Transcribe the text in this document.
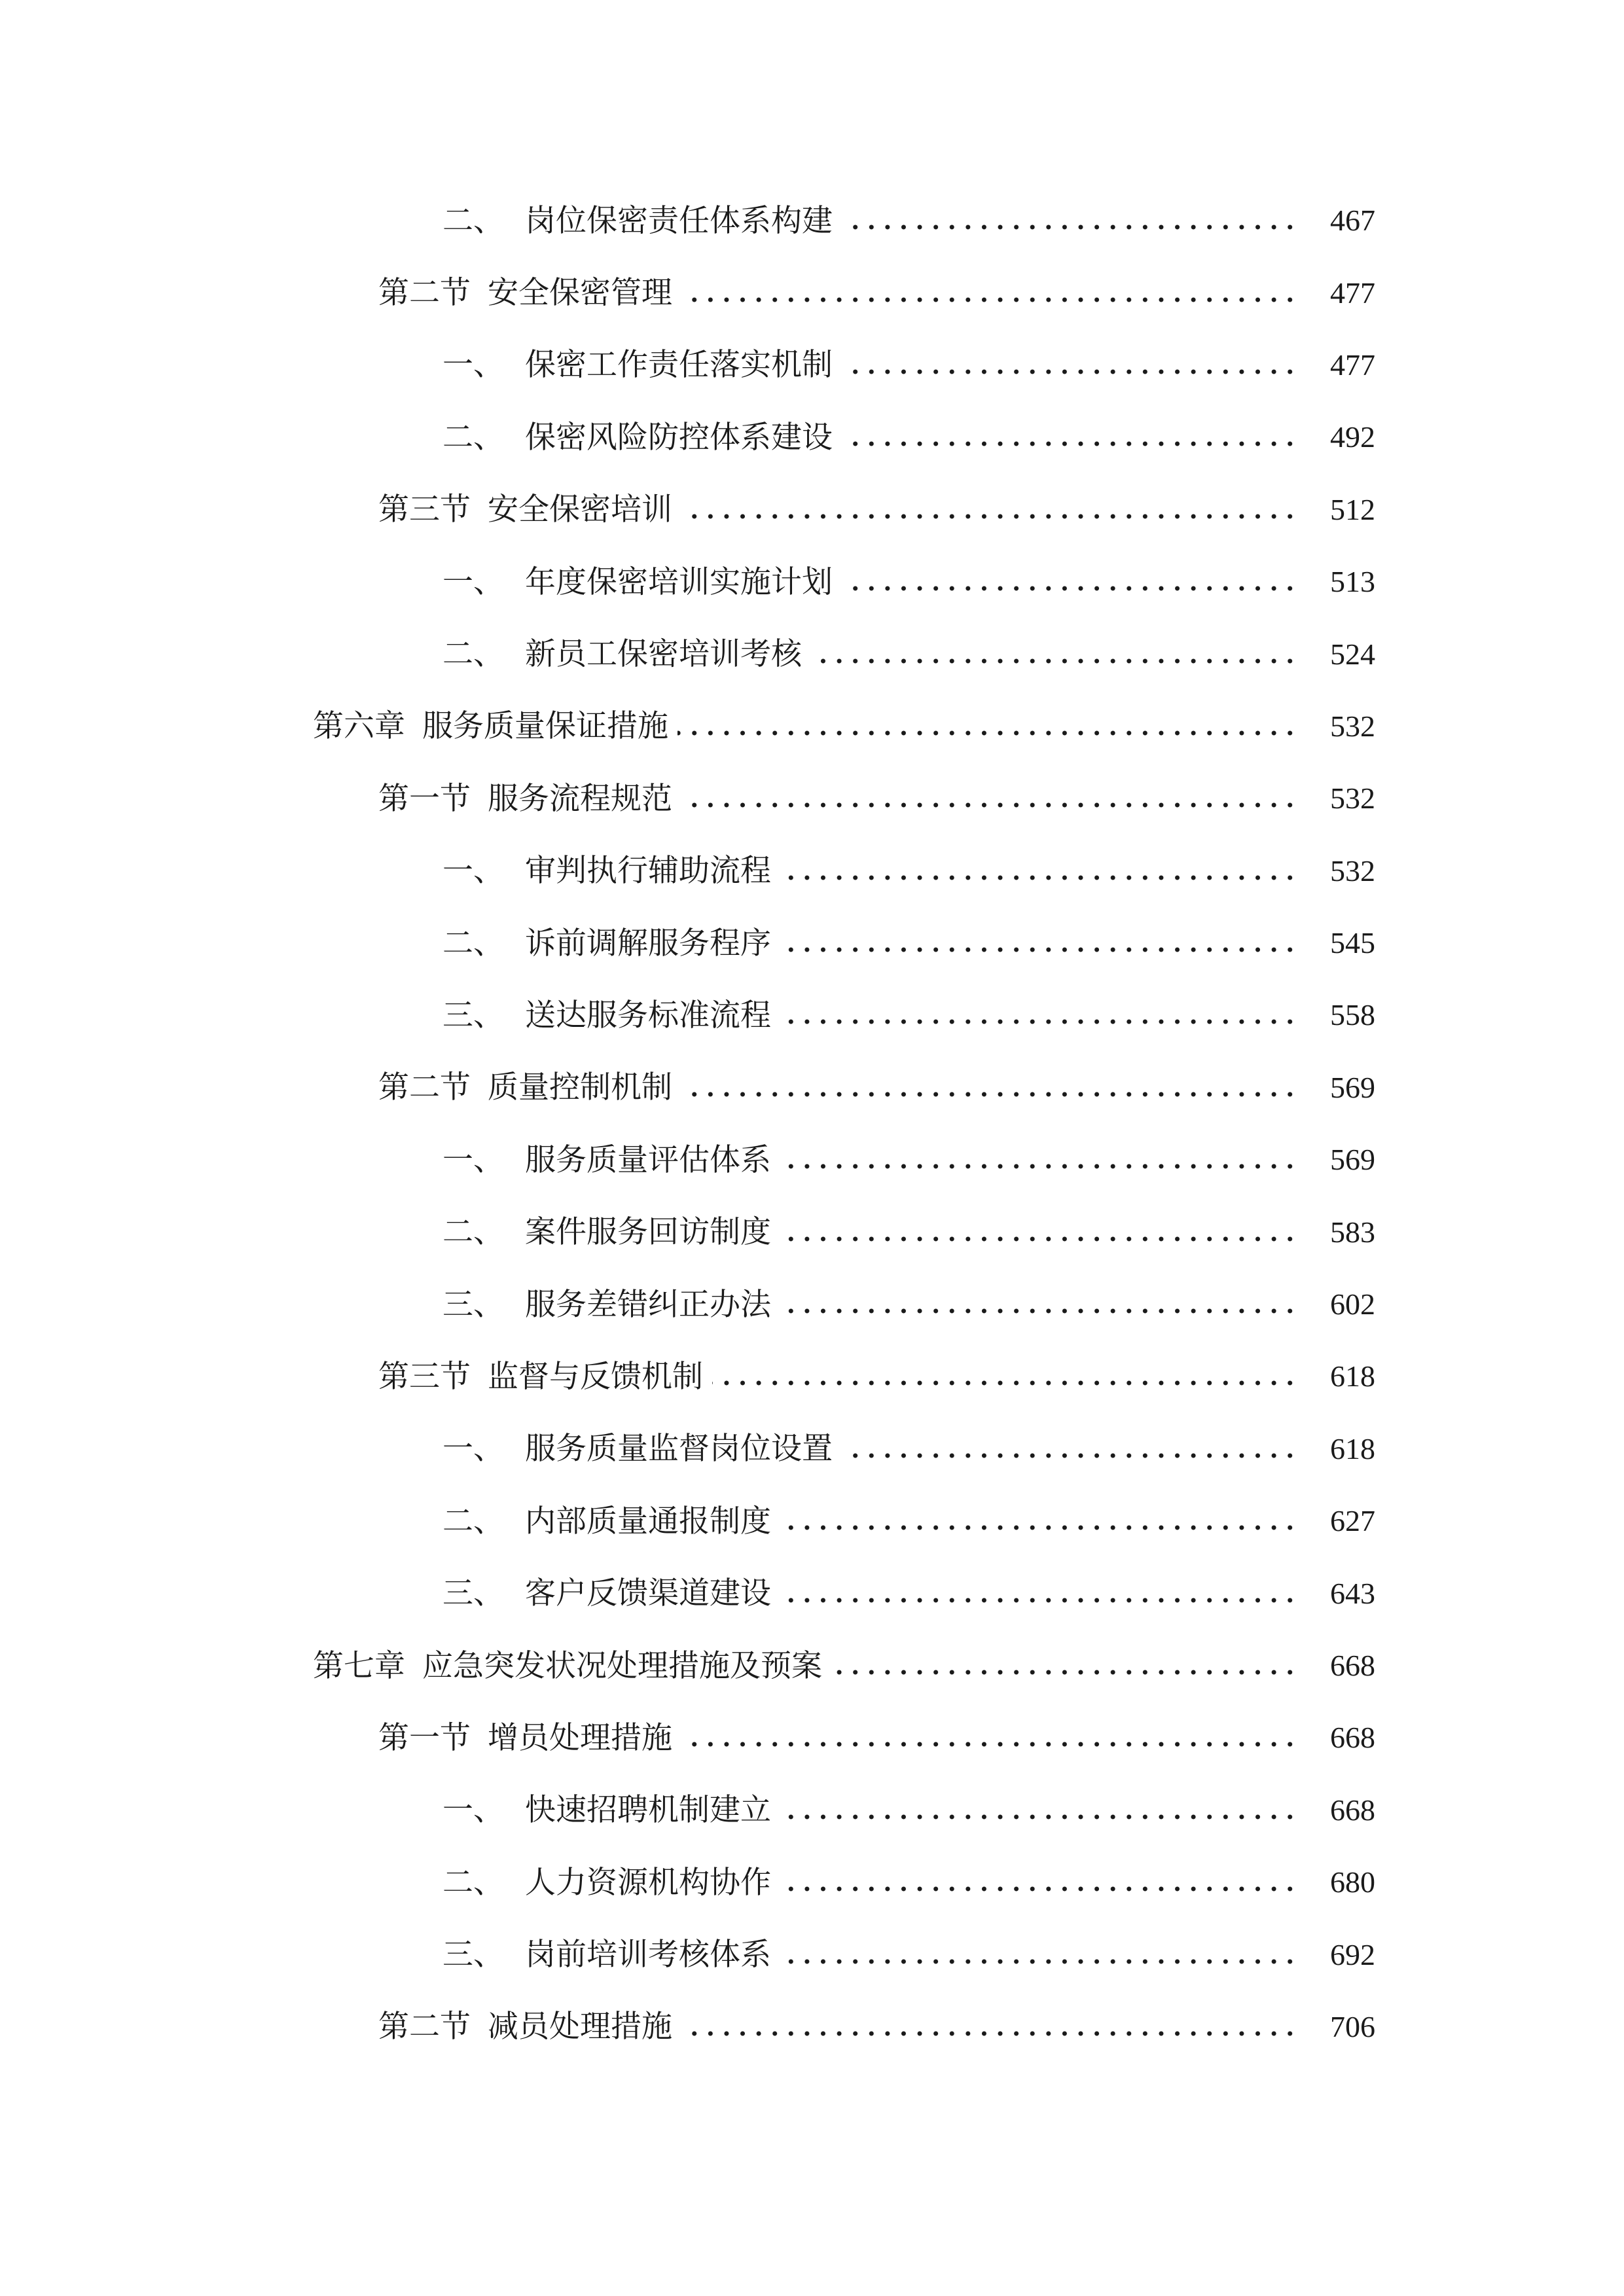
二、 岗位保密责任体系构建	467
第二节 安全保密管理	477
一、 保密工作责任落实机制	477
二、 保密风险防控体系建设	492
第三节 安全保密培训	512
一、 年度保密培训实施计划	513
二、 新员工保密培训考核	524
第六章 服务质量保证措施	532
第一节 服务流程规范	532
一、 审判执行辅助流程	532
二、 诉前调解服务程序	545
三、 送达服务标准流程	558
第二节 质量控制机制	569
一、 服务质量评估体系	569
二、 案件服务回访制度	583
三、 服务差错纠正办法	602
第三节 监督与反馈机制	618
一、 服务质量监督岗位设置	618
二、 内部质量通报制度	627
三、 客户反馈渠道建设	643
第七章 应急突发状况处理措施及预案	668
第一节 增员处理措施	668
一、 快速招聘机制建立	668
二、 人力资源机构协作	680
三、 岗前培训考核体系	692
第二节 减员处理措施	706
